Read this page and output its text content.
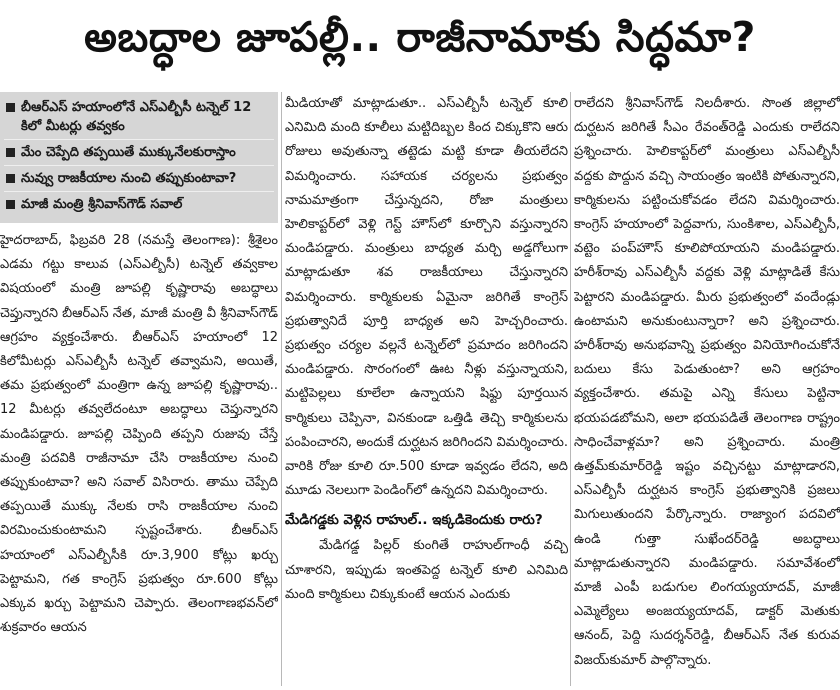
అబద్ధాల జూపల్లీ.. రాజీనామాకు సిద్ధమా?
బీఆర్ఎస్ హయాంలోనే ఎస్ఎల్బీసీ టన్నెల్ 12 కిలో మీటర్లు తవ్వకం
మేం చెప్పేది తప్పయితే ముక్కునేలకురాస్తాం
నువ్వు రాజకీయాల నుంచి తప్పుకుంటావా?
మాజీ మంత్రి శ్రీనివాస్‌గౌడ్ సవాల్

హైదరాబాద్, ఫిబ్రవరి 28 (నమస్తే తెలంగాణ): శ్రీశైలం ఎడమ గట్టు కాలువ (ఎస్ఎల్బీసీ) టన్నెల్ తవ్వకాల విషయంలో మంత్రి జూపల్లి కృష్ణారావు అబద్ధాలు చెప్తున్నారని బీఆర్ఎస్ నేత, మాజీ మంత్రి వీ శ్రీనివాస్‌గౌడ్ ఆగ్రహం వ్యక్తంచేశారు. బీఆర్ఎస్ హయాంలో 12 కిలోమీటర్లు ఎస్ఎల్బీసీ టన్నెల్ తవ్వామని, అయితే, తమ ప్రభుత్వంలో మంత్రిగా ఉన్న జూపల్లి కృష్ణారావు.. 12 మీటర్లు తవ్వలేదంటూ అబద్ధాలు చెప్తున్నారని మండిపడ్డారు. జూపల్లి చెప్పింది తప్పని రుజువు చేస్తే మంత్రి పదవికి రాజీనామా చేసి రాజకీయాల నుంచి తప్పుకుంటావా? అని సవాల్ విసిరారు. తాము చెప్పేది తప్పయితే ముక్కు నేలకు రాసి రాజకీయాల నుంచి విరమించుకుంటామని స్పష్టంచేశారు. బీఆర్ఎస్ హయాంలో ఎస్ఎల్బీసీకి రూ.3,900 కోట్లు ఖర్చు పెట్టామని, గత కాంగ్రెస్ ప్రభుత్వం రూ.600 కోట్లు ఎక్కువ ఖర్చు పెట్టామని చెప్పారు. తెలంగాణభవన్‌లో శుక్రవారం ఆయన

మీడియాతో మాట్లాడుతూ.. ఎస్ఎల్బీసీ టన్నెల్ కూలి ఎనిమిది మంది కూలీలు మట్టిదిబ్బల కింద చిక్కుకొని ఆరు రోజులు అవుతున్నా తట్టెడు మట్టి కూడా తీయలేదని విమర్శించారు. సహాయక చర్యలను ప్రభుత్వం నామమాత్రంగా చేస్తున్నదని, రోజా మంత్రులు హెలికాప్టర్‌లో వెళ్లి గెస్ట్ హౌస్‌లో కూర్చొని వస్తున్నారని మండిపడ్డారు. మంత్రులు బాధ్యత మర్చి అడ్డగోలుగా మాట్లాడుతూ శవ రాజకీయాలు చేస్తున్నారని విమర్శించారు. కార్మికులకు ఏమైనా జరిగితే కాంగ్రెస్ ప్రభుత్వానిదే పూర్తి బాధ్యత అని హెచ్చరించారు. ప్రభుత్వం చర్యల వల్లనే టన్నెల్‌లో ప్రమాదం జరిగిందని మండిపడ్డారు. సొరంగంలో ఊట నీళ్లు వస్తున్నాయని, మట్టిపెల్లలు కూలేలా ఉన్నాయని షిఫ్టు పూర్తయిన కార్మికులు చెప్పినా, వినకుండా ఒత్తిడి తెచ్చి కార్మికులను పంపించారని, అందుకే దుర్ఘటన జరిగిందని విమర్శించారు. వారికి రోజు కూలి రూ.500 కూడా ఇవ్వడం లేదని, అది మూడు నెలలుగా పెండింగ్‌లో ఉన్నదని విమర్శించారు.

మేడిగడ్డకు వెళ్లిన రాహుల్.. ఇక్కడికెందుకు రారు?

మేడిగడ్డ పిల్లర్ కుంగితే రాహుల్‌గాంధీ వచ్చి చూశారని, ఇప్పుడు ఇంతపెద్ద టన్నెల్ కూలి ఎనిమిది మంది కార్మికులు చిక్కుకుంటే ఆయన ఎందుకు

రాలేదని శ్రీనివాస్‌గౌడ్ నిలదీశారు. సొంత జిల్లాలో దుర్ఘటన జరిగితే సీఎం రేవంత్‌రెడ్డి ఎందుకు రాలేదని ప్రశ్నించారు. హెలికాప్టర్‌లో మంత్రులు ఎస్ఎల్బీసీ వద్దకు పొద్దున వచ్చి సాయంత్రం ఇంటికి పోతున్నారని, కార్మికులను పట్టించుకోవడం లేదని విమర్శించారు. కాంగ్రెస్ హయాంలో పెద్దవాగు, సుంకిశాల, ఎస్ఎల్బీసీ, వట్టెం పంప్‌హౌస్ కూలిపోయాయని మండిపడ్డారు. హరీశ్‌రావు ఎస్ఎల్బీసీ వద్దకు వెళ్లి మాట్లాడితే కేసు పెట్టారని మండిపడ్డారు. మీరు ప్రభుత్వంలో వందేండ్లు ఉంటామని అనుకుంటున్నారా? అని ప్రశ్నించారు. హరీశ్‌రావు అనుభవాన్ని ప్రభుత్వం వినియోగించుకోనే బదులు కేసు పెడుతుంటా? అని ఆగ్రహం వ్యక్తంచేశారు. తమపై ఎన్ని కేసులు పెట్టినా భయపడబోమని, అలా భయపడితే తెలంగాణ రాష్ట్రం సాధించేవాళ్లమా? అని ప్రశ్నించారు. మంత్రి ఉత్తమ్‌కుమార్‌రెడ్డి ఇష్టం వచ్చినట్టు మాట్లాడారని, ఎస్ఎల్బీసీ దుర్ఘటన కాంగ్రెస్ ప్రభుత్వానికి ప్రజలు మిగులుతుందని పేర్కొన్నారు. రాజ్యాంగ పదవిలో ఉండి గుత్తా సుఖేందర్‌రెడ్డి అబద్ధాలు మాట్లాడుతున్నారని మండిపడ్డారు. సమావేశంలో మాజీ ఎంపీ బడుగుల లింగయ్యయాదవ్, మాజీ ఎమ్మెల్యేలు అంజయ్యయాదవ్, డాక్టర్ మెతుకు ఆనంద్, పెద్ది సుదర్శన్‌రెడ్డి, బీఆర్ఎస్ నేత కురువ విజయ్‌కుమార్ పాల్గొన్నారు.
